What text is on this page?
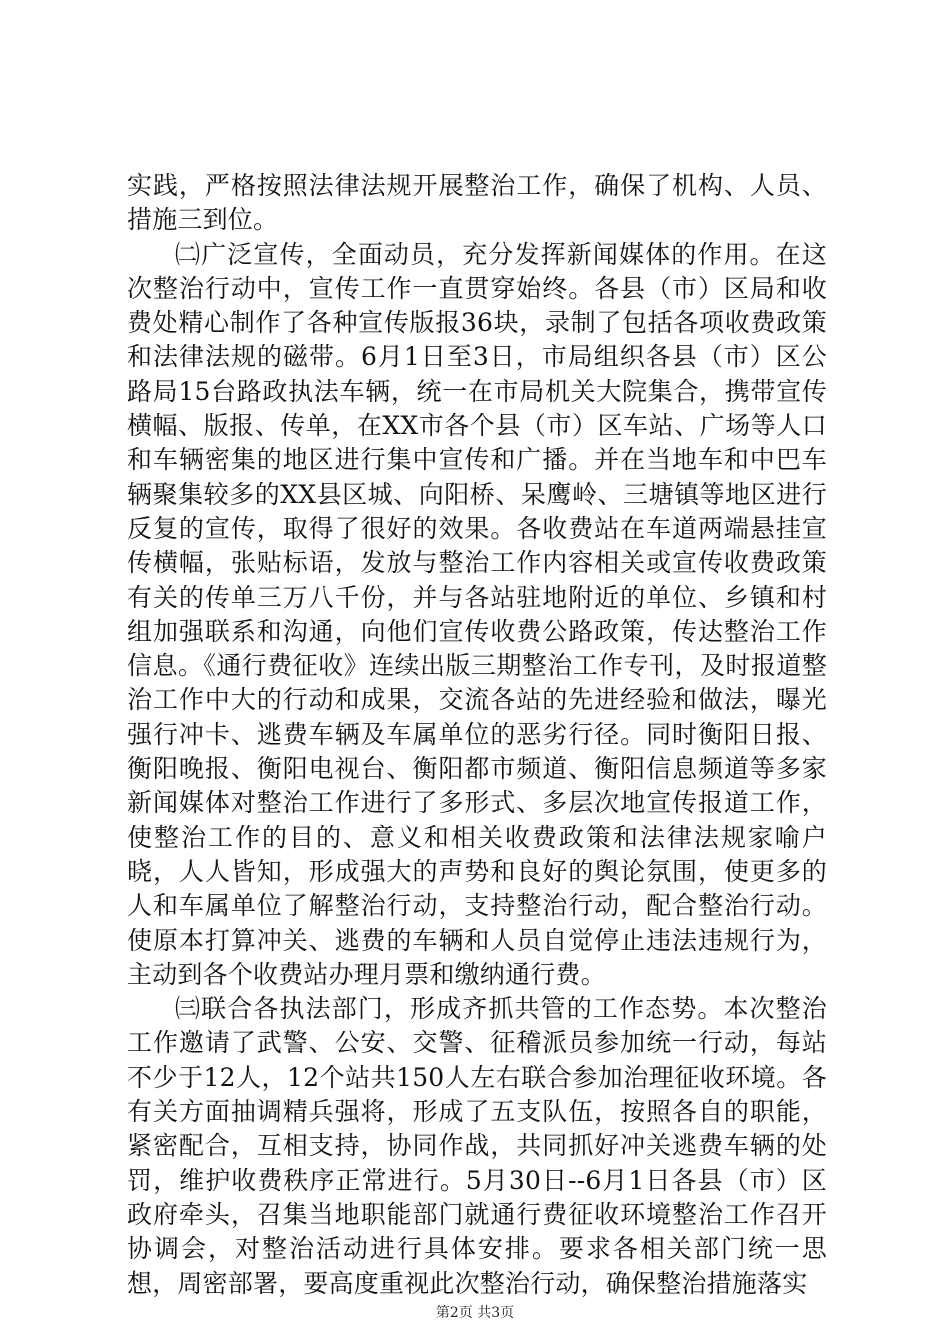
实践，严格按照法律法规开展整治工作，确保了机构、人员、措施三到位。

㈡广泛宣传，全面动员，充分发挥新闻媒体的作用。在这次整治行动中，宣传工作一直贯穿始终。各县（市）区局和收费处精心制作了各种宣传版报36块，录制了包括各项收费政策和法律法规的磁带。6月1日至3日，市局组织各县（市）区公路局15台路政执法车辆，统一在市局机关大院集合，携带宣传横幅、版报、传单，在XX市各个县（市）区车站、广场等人口和车辆密集的地区进行集中宣传和广播。并在当地车和中巴车辆聚集较多的XX县区城、向阳桥、呆鹰岭、三塘镇等地区进行反复的宣传，取得了很好的效果。各收费站在车道两端悬挂宣传横幅，张贴标语，发放与整治工作内容相关或宣传收费政策有关的传单三万八千份，并与各站驻地附近的单位、乡镇和村组加强联系和沟通，向他们宣传收费公路政策，传达整治工作信息。《通行费征收》连续出版三期整治工作专刊，及时报道整治工作中大的行动和成果，交流各站的先进经验和做法，曝光强行冲卡、逃费车辆及车属单位的恶劣行径。同时衡阳日报、衡阳晚报、衡阳电视台、衡阳都市频道、衡阳信息频道等多家新闻媒体对整治工作进行了多形式、多层次地宣传报道工作，使整治工作的目的、意义和相关收费政策和法律法规家喻户晓，人人皆知，形成强大的声势和良好的舆论氛围，使更多的人和车属单位了解整治行动，支持整治行动，配合整治行动。使原本打算冲关、逃费的车辆和人员自觉停止违法违规行为，主动到各个收费站办理月票和缴纳通行费。

㈢联合各执法部门，形成齐抓共管的工作态势。本次整治工作邀请了武警、公安、交警、征稽派员参加统一行动，每站不少于12人，12个站共150人左右联合参加治理征收环境。各有关方面抽调精兵强将，形成了五支队伍，按照各自的职能，紧密配合，互相支持，协同作战，共同抓好冲关逃费车辆的处罚，维护收费秩序正常进行。5月30日--6月1日各县（市）区政府牵头，召集当地职能部门就通行费征收环境整治工作召开协调会，对整治活动进行具体安排。要求各相关部门统一思想，周密部署，要高度重视此次整治行动，确保整治措施落实

第2页 共3页
